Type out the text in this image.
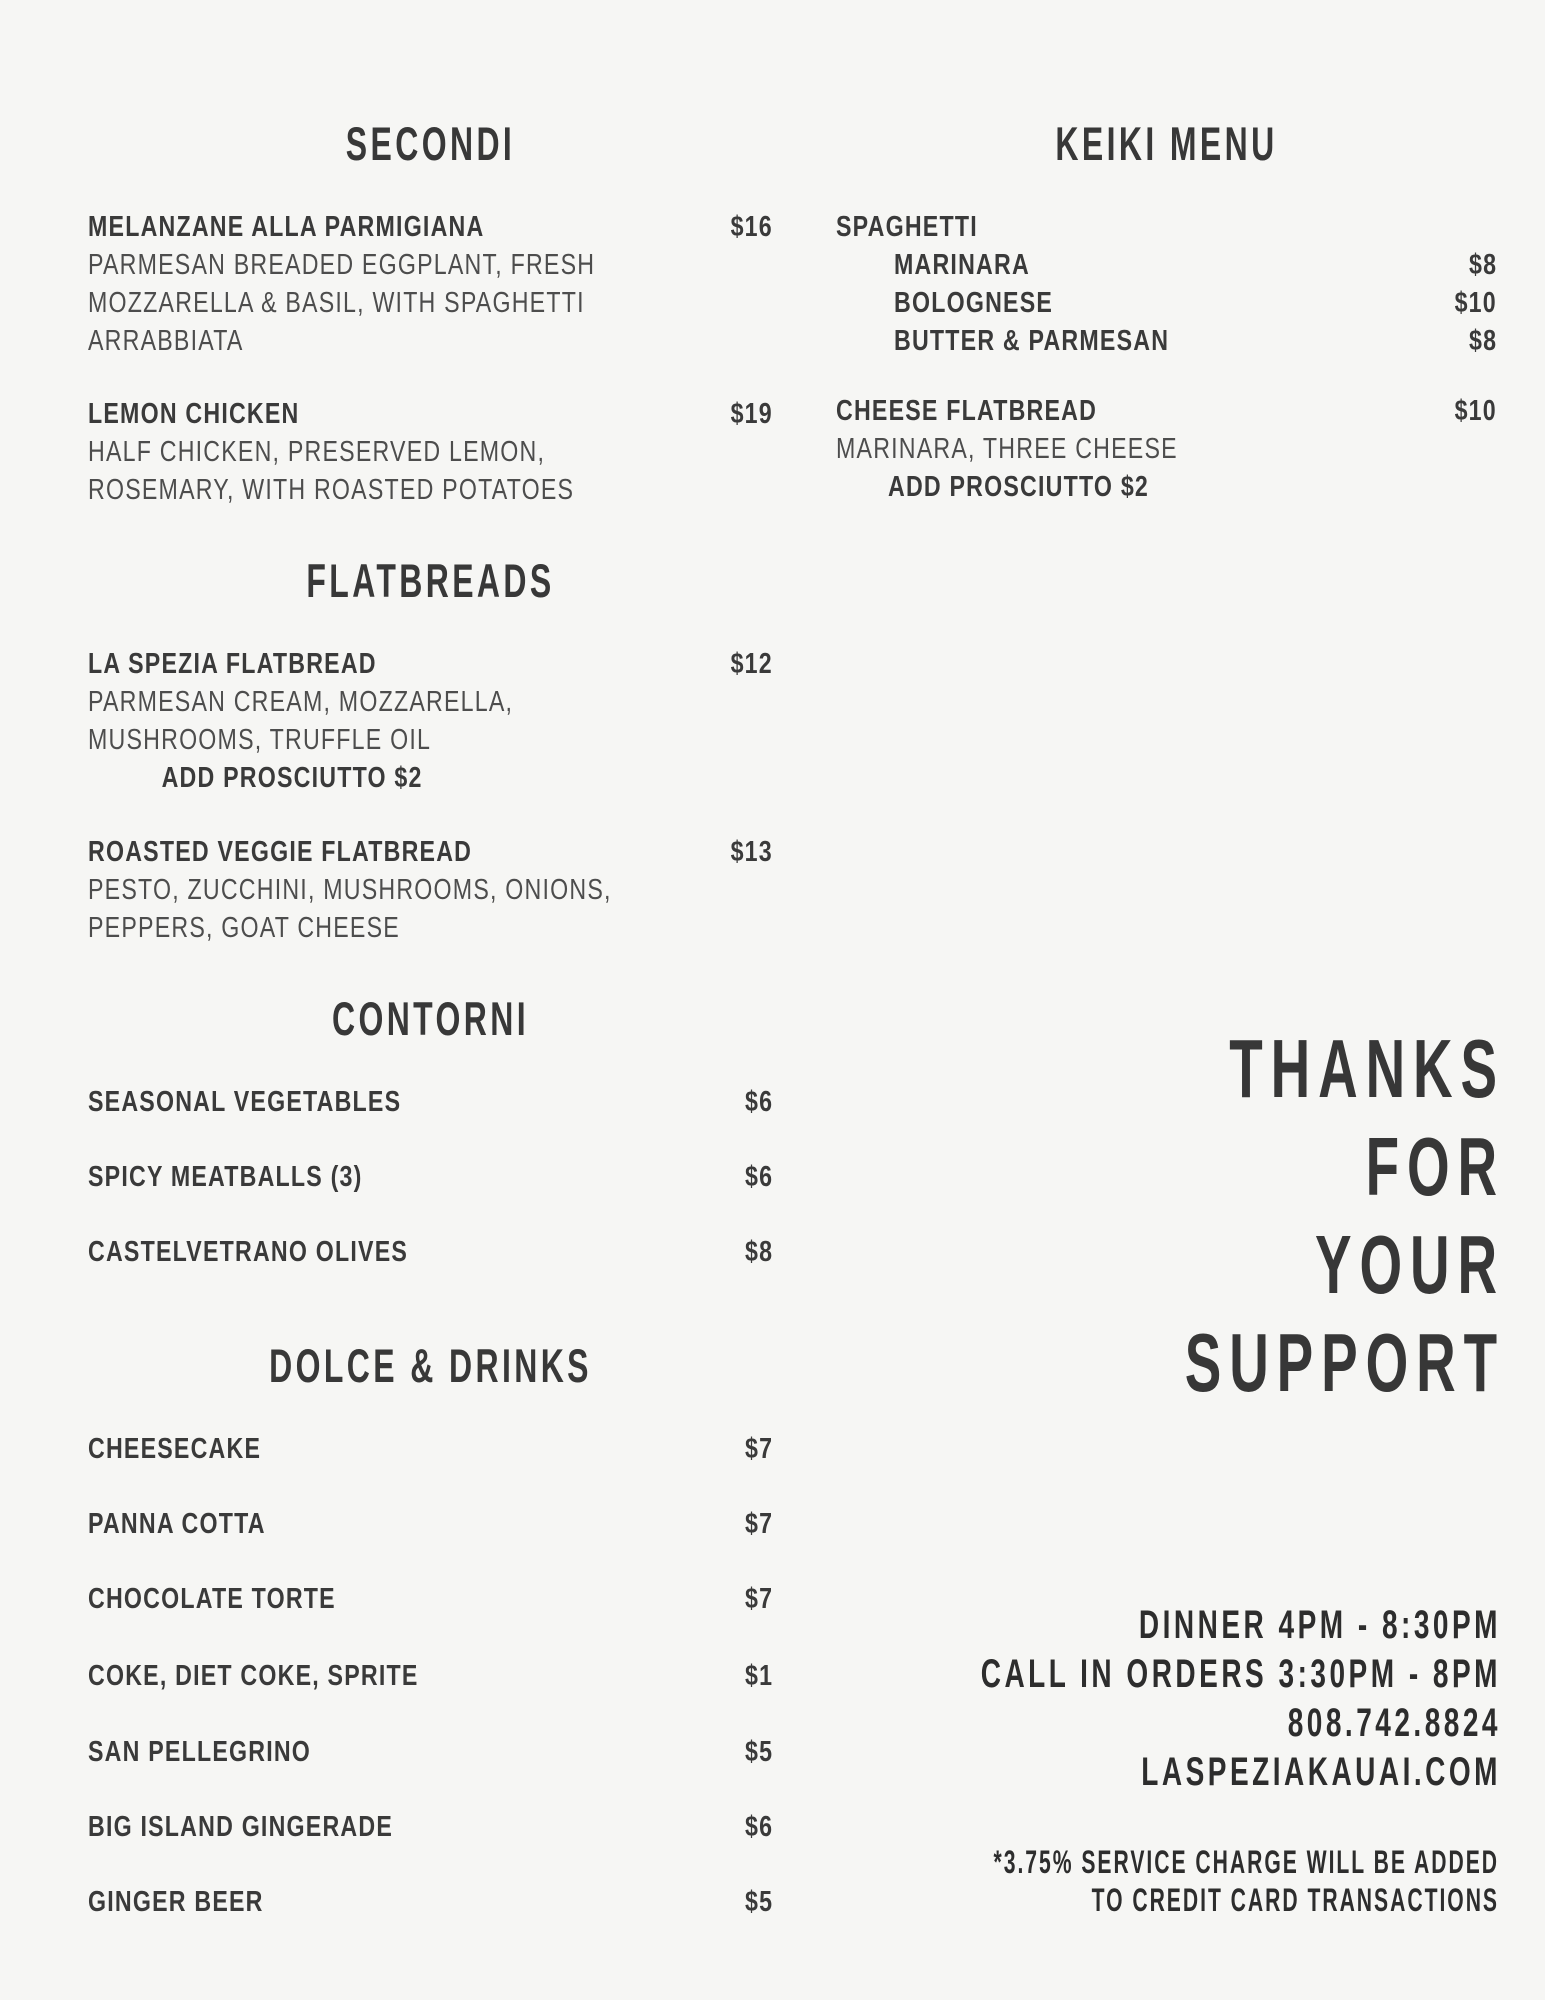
SECONDI
MELANZANE ALLA PARMIGIANA	$16
PARMESAN BREADED EGGPLANT, FRESH
MOZZARELLA & BASIL, WITH SPAGHETTI
ARRABBIATA
LEMON CHICKEN	$19
HALF CHICKEN, PRESERVED LEMON,
ROSEMARY, WITH ROASTED POTATOES
FLATBREADS
LA SPEZIA FLATBREAD	$12
PARMESAN CREAM, MOZZARELLA,
MUSHROOMS, TRUFFLE OIL
ADD PROSCIUTTO $2
ROASTED VEGGIE FLATBREAD	$13
PESTO, ZUCCHINI, MUSHROOMS, ONIONS,
PEPPERS, GOAT CHEESE
CONTORNI
SEASONAL VEGETABLES	$6
SPICY MEATBALLS (3)	$6
CASTELVETRANO OLIVES	$8
DOLCE & DRINKS
CHEESECAKE	$7
PANNA COTTA	$7
CHOCOLATE TORTE	$7
COKE, DIET COKE, SPRITE	$1
SAN PELLEGRINO	$5
BIG ISLAND GINGERADE	$6
GINGER BEER	$5
KEIKI MENU
SPAGHETTI
MARINARA	$8
BOLOGNESE	$10
BUTTER & PARMESAN	$8
CHEESE FLATBREAD	$10
MARINARA, THREE CHEESE
ADD PROSCIUTTO $2
THANKS
FOR
YOUR
SUPPORT
DINNER 4PM - 8:30PM
CALL IN ORDERS 3:30PM - 8PM
808.742.8824
LASPEZIAKAUAI.COM
*3.75% SERVICE CHARGE WILL BE ADDED
TO CREDIT CARD TRANSACTIONS
